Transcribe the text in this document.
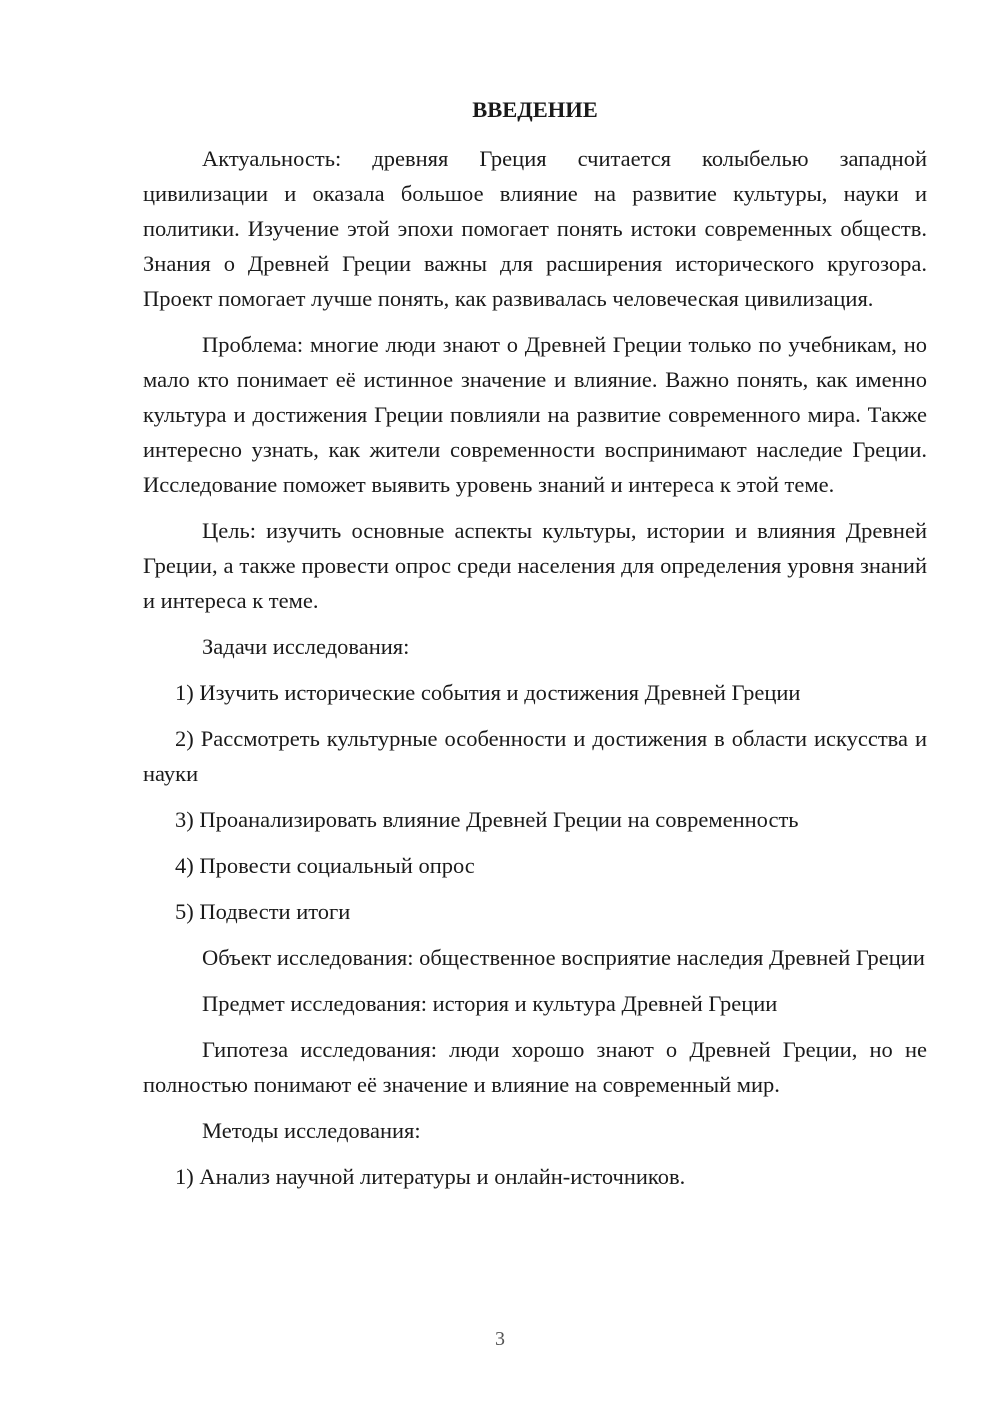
ВВЕДЕНИЕ
Актуальность: древняя Греция считается колыбелью западной цивилизации и оказала большое влияние на развитие культуры, науки и политики. Изучение этой эпохи помогает понять истоки современных обществ. Знания о Древней Греции важны для расширения исторического кругозора. Проект помогает лучше понять, как развивалась человеческая цивилизация.
Проблема: многие люди знают о Древней Греции только по учебникам, но мало кто понимает её истинное значение и влияние. Важно понять, как именно культура и достижения Греции повлияли на развитие современного мира. Также интересно узнать, как жители современности воспринимают наследие Греции. Исследование поможет выявить уровень знаний и интереса к этой теме.
Цель: изучить основные аспекты культуры, истории и влияния Древней Греции, а также провести опрос среди населения для определения уровня знаний и интереса к теме.
Задачи исследования:
1) Изучить исторические события и достижения Древней Греции
2) Рассмотреть культурные особенности и достижения в области искусства и науки
3) Проанализировать влияние Древней Греции на современность
4) Провести социальный опрос
5) Подвести итоги
Объект исследования: общественное восприятие наследия Древней Греции
Предмет исследования: история и культура Древней Греции
Гипотеза исследования: люди хорошо знают о Древней Греции, но не полностью понимают её значение и влияние на современный мир.
Методы исследования:
1) Анализ научной литературы и онлайн-источников.
3
